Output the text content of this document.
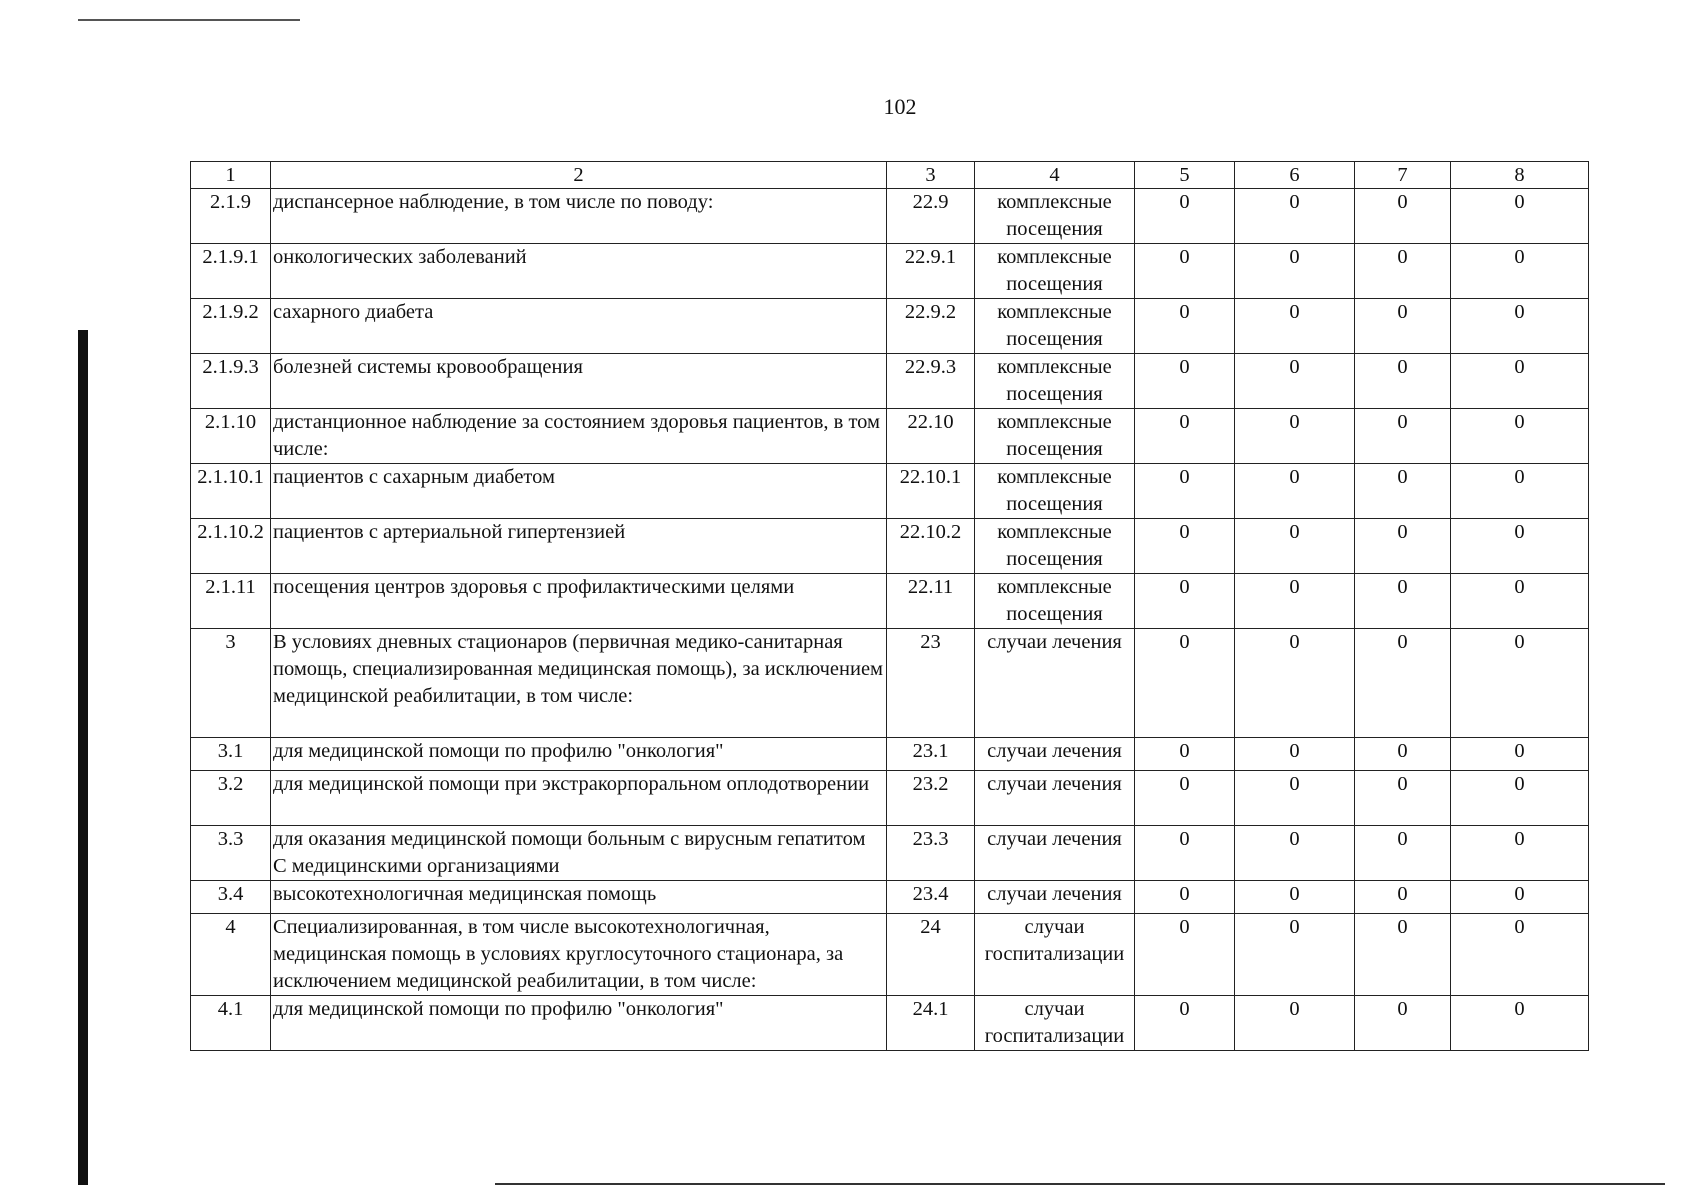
102
1	2	3	4	5	6	7	8
2.1.9	диспансерное наблюдение, в том числе по поводу:	22.9	комплексные посещения	0	0	0	0
2.1.9.1	онкологических заболеваний	22.9.1	комплексные посещения	0	0	0	0
2.1.9.2	сахарного диабета	22.9.2	комплексные посещения	0	0	0	0
2.1.9.3	болезней системы кровообращения	22.9.3	комплексные посещения	0	0	0	0
2.1.10	дистанционное наблюдение за состоянием здоровья пациентов, в том числе:	22.10	комплексные посещения	0	0	0	0
2.1.10.1	пациентов с сахарным диабетом	22.10.1	комплексные посещения	0	0	0	0
2.1.10.2	пациентов с артериальной гипертензией	22.10.2	комплексные посещения	0	0	0	0
2.1.11	посещения центров здоровья с профилактическими целями	22.11	комплексные посещения	0	0	0	0
3	В условиях дневных стационаров (первичная медико-санитарная помощь, специализированная медицинская помощь), за исключением медицинской реабилитации, в том числе:	23	случаи лечения	0	0	0	0
3.1	для медицинской помощи по профилю "онкология"	23.1	случаи лечения	0	0	0	0
3.2	для медицинской помощи при экстракорпоральном оплодотворении	23.2	случаи лечения	0	0	0	0
3.3	для оказания медицинской помощи больным с вирусным гепатитом С медицинскими организациями	23.3	случаи лечения	0	0	0	0
3.4	высокотехнологичная медицинская помощь	23.4	случаи лечения	0	0	0	0
4	Специализированная, в том числе высокотехнологичная, медицинская помощь в условиях круглосуточного стационара, за исключением медицинской реабилитации, в том числе:	24	случаи госпитализации	0	0	0	0
4.1	для медицинской помощи по профилю "онкология"	24.1	случаи госпитализации	0	0	0	0
